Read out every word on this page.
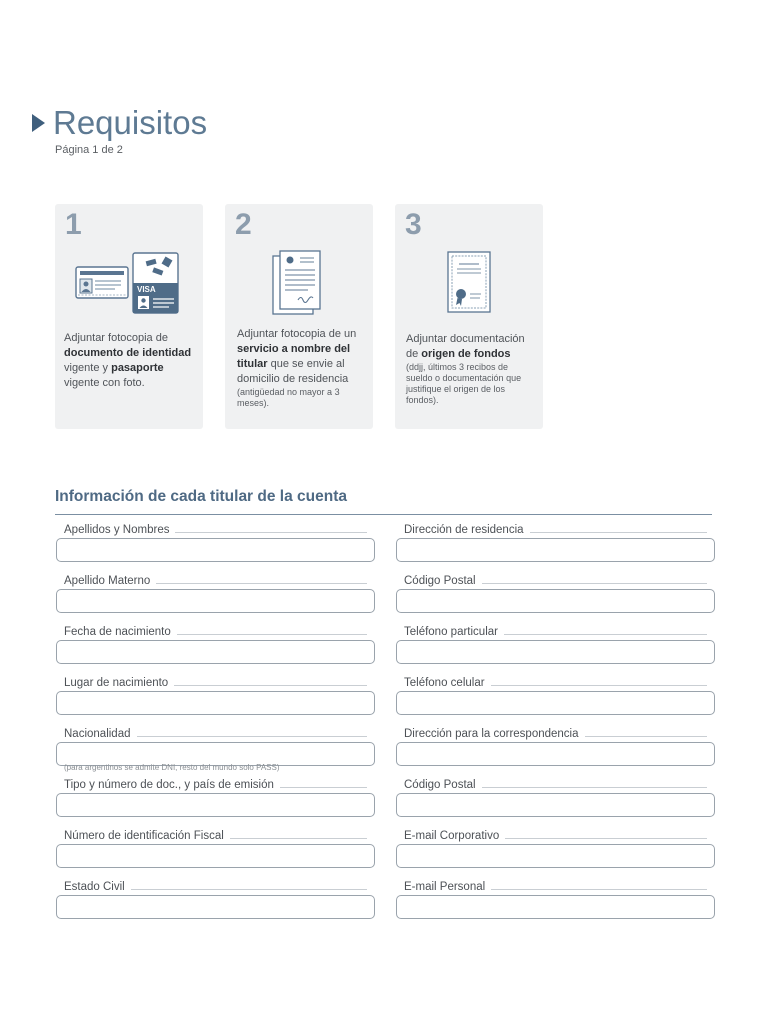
Requisitos
Página 1 de 2
1
VISA
Adjuntar fotocopia de documento de identidad vigente y pasaporte vigente con foto.
2
Adjuntar fotocopia de un servicio a nombre del titular que se envie al domicilio de residencia
(antigüedad no mayor a 3 meses).
3
Adjuntar documentación de origen de fondos
(ddjj, últimos 3 recibos de sueldo o documentación que justifique el origen de los fondos).
Información de cada titular de la cuenta
Apellidos y Nombres
Apellido Materno
Fecha de nacimiento
Lugar de nacimiento
Nacionalidad
(para argentinos se admite DNI, resto del mundo solo PASS)
Tipo y número de doc., y país de emisión
Número de identificación Fiscal
Estado Civil
Dirección de residencia
Código Postal
Teléfono particular
Teléfono celular
Dirección para la correspondencia
Código Postal
E-mail Corporativo
E-mail Personal
